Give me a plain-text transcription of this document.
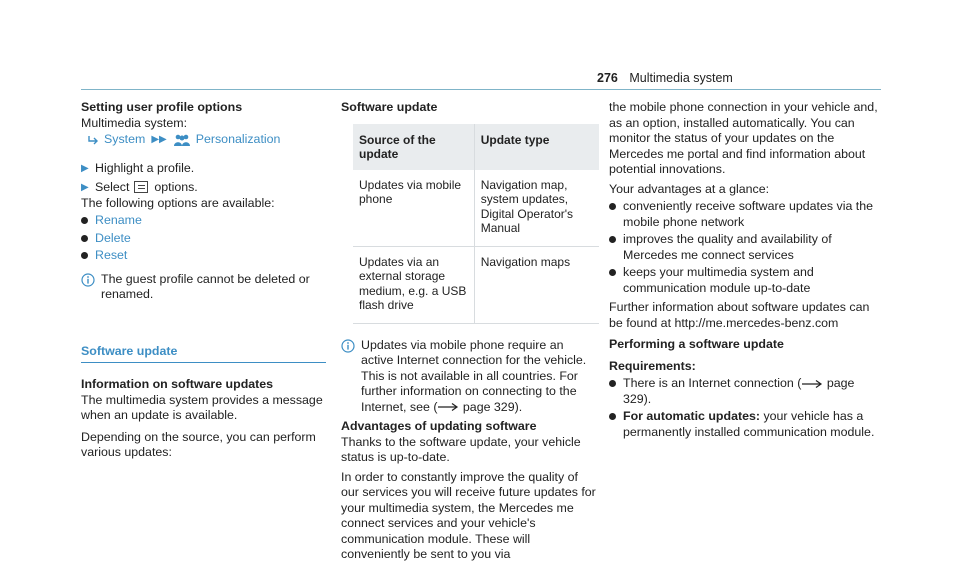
276 Multimedia system

Setting user profile options

Multimedia system:

System ▶▶ Personalization
▶ Highlight a profile.
▶ Select options.

The following options are available:

Rename
Delete
Reset
The guest profile cannot be deleted or renamed.
Software update

Information on software updates

The multimedia system provides a message when an update is available.

Depending on the source, you can perform various updates:

Software update

Source of the update	Update type
Updates via mobile phone	Navigation map, system updates, Digital Operator's Manual
Updates via an external storage medium, e.g. a USB flash drive	Navigation maps
Updates via mobile phone require an active Internet connection for the vehicle. This is not available in all countries. For further information on connecting to the Internet, see ( page 329).

Advantages of updating software

Thanks to the software update, your vehicle status is up-to-date.

In order to constantly improve the quality of our services you will receive future updates for your multimedia system, the Mercedes me connect services and your vehicle's communication module. These will conveniently be sent to you via

the mobile phone connection in your vehicle and, as an option, installed automatically. You can monitor the status of your updates on the Mercedes me portal and find information about potential innovations.

Your advantages at a glance:

conveniently receive software updates via the mobile phone network
improves the quality and availability of Mercedes me connect services
keeps your multimedia system and communication module up-to-date

Further information about software updates can be found at http://me.mercedes-benz.com

Performing a software update

Requirements:

There is an Internet connection ( page 329).
For automatic updates: your vehicle has a permanently installed communication module.
